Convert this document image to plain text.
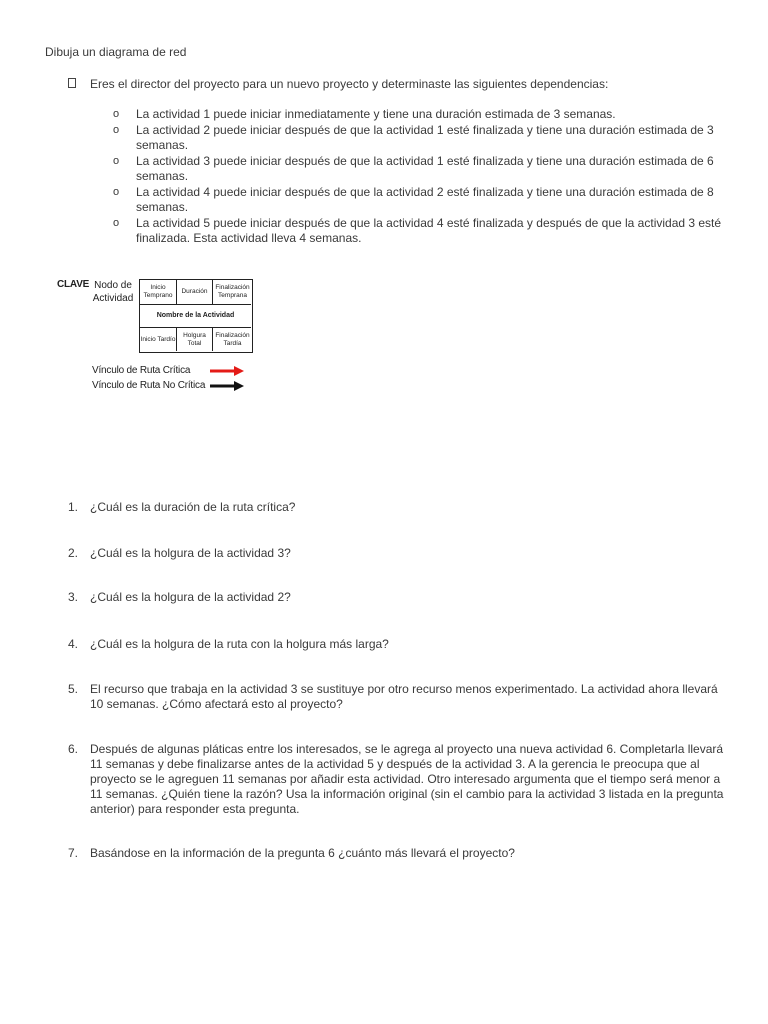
Dibuja un diagrama de red
Eres el director del proyecto para un nuevo proyecto y determinaste las siguientes dependencias:
o La actividad 1 puede iniciar inmediatamente y tiene una duración estimada de 3 semanas.
o La actividad 2 puede iniciar después de que la actividad 1 esté finalizada y tiene una duración estimada de 3 semanas.
o La actividad 3 puede iniciar después de que la actividad 1 esté finalizada y tiene una duración estimada de 6 semanas.
o La actividad 4 puede iniciar después de que la actividad 2 esté finalizada y tiene una duración estimada de 8 semanas.
o La actividad 5 puede iniciar después de que la actividad 4 esté finalizada y después de que la actividad 3 esté finalizada. Esta actividad lleva 4 semanas.
CLAVE Nodo de
Actividad
Inicio Temprano
Duración
Finalización Temprana
Nombre de la Actividad
Inicio Tardío
Holgura Total
Finalización Tardía
Vínculo de Ruta Crítica
Vínculo de Ruta No Crítica
1. ¿Cuál es la duración de la ruta crítica?
2. ¿Cuál es la holgura de la actividad 3?
3. ¿Cuál es la holgura de la actividad 2?
4. ¿Cuál es la holgura de la ruta con la holgura más larga?
5. El recurso que trabaja en la actividad 3 se sustituye por otro recurso menos experimentado. La actividad ahora llevará 10 semanas. ¿Cómo afectará esto al proyecto?
6. Después de algunas pláticas entre los interesados, se le agrega al proyecto una nueva actividad 6. Completarla llevará 11 semanas y debe finalizarse antes de la actividad 5 y después de la actividad 3. A la gerencia le preocupa que al proyecto se le agreguen 11 semanas por añadir esta actividad. Otro interesado argumenta que el tiempo será menor a 11 semanas. ¿Quién tiene la razón? Usa la información original (sin el cambio para la actividad 3 listada en la pregunta anterior) para responder esta pregunta.
7. Basándose en la información de la pregunta 6 ¿cuánto más llevará el proyecto?
